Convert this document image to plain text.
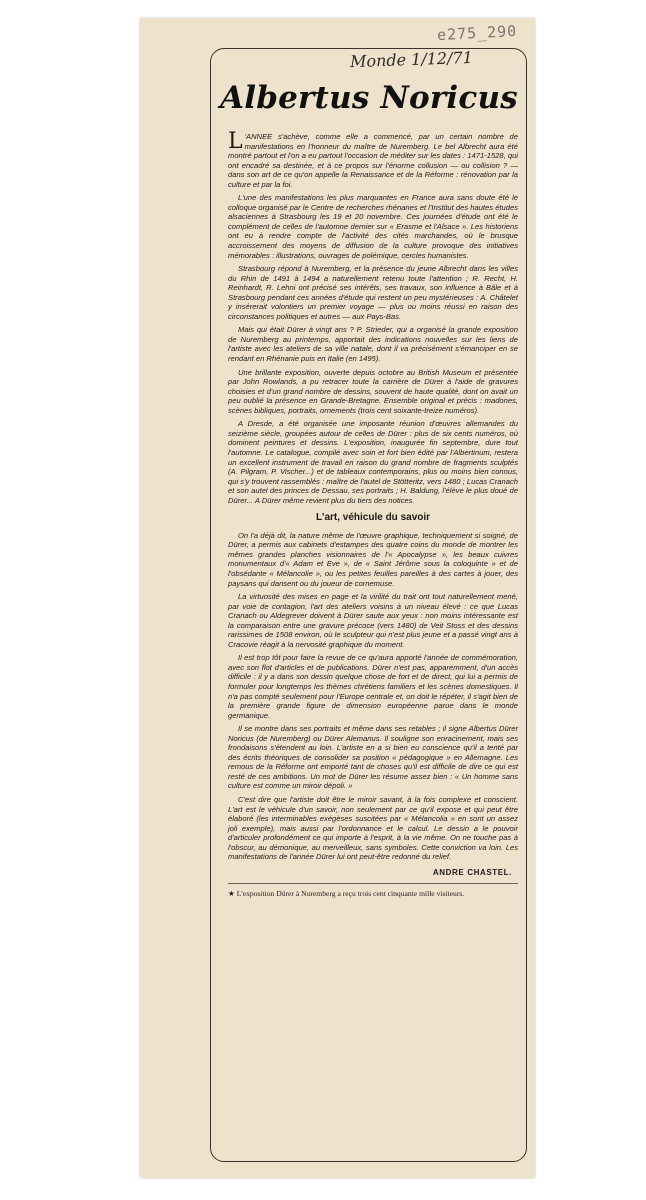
e275_290
Monde 1/12/71
Albertus Noricus

L 'ANNEE s'achève, comme elle a commencé, par un certain nombre de manifestations en l'honneur du maître de Nuremberg. Le bel Albrecht aura été montré partout et l'on a eu partout l'occasion de méditer sur les dates : 1471-1528, qui ont encadré sa destinée, et à ce propos sur l'énorme collusion — ou collision ? — dans son art de ce qu'on appelle la Renaissance et de la Réforme : rénovation par la culture et par la foi.

L'une des manifestations les plus marquantes en France aura sans doute été le colloque organisé par le Centre de recherches rhénanes et l'Institut des hautes études alsaciennes à Strasbourg les 19 et 20 novembre. Ces journées d'étude ont été le complément de celles de l'automne dernier sur « Erasme et l'Alsace ». Les historiens ont eu à rendre compte de l'activité des cités marchandes, où le brusque accroissement des moyens de diffusion de la culture provoque des initiatives mémorables : illustrations, ouvrages de polémique, cercles humanistes.

Strasbourg répond à Nuremberg, et la présence du jeune Albrecht dans les villes du Rhin de 1491 à 1494 a naturellement retenu toute l'attention ; R. Recht, H. Reinhardt, R. Lehni ont précisé ses intérêts, ses travaux, son influence à Bâle et à Strasbourg pendant ces années d'étude qui restent un peu mystérieuses : A. Châtelet y insérerait volontiers un premier voyage — plus ou moins réussi en raison des circonstances politiques et autres — aux Pays-Bas.

Mais qui était Dürer à vingt ans ? P. Strieder, qui a organisé la grande exposition de Nuremberg au printemps, apportait des indications nouvelles sur les liens de l'artiste avec les ateliers de sa ville natale, dont il va précisément s'émanciper en se rendant en Rhénanie puis en Italie (en 1495).

Une brillante exposition, ouverte depuis octobre au British Museum et présentée par John Rowlands, a pu retracer toute la carrière de Dürer à l'aide de gravures choisies et d'un grand nombre de dessins, souvent de haute qualité, dont on avait un peu oublié la présence en Grande-Bretagne. Ensemble original et précis : madones, scènes bibliques, portraits, ornements (trois cent soixante-treize numéros).

A Dresde, a été organisée une imposante réunion d'œuvres allemandes du seizième siècle, groupées autour de celles de Dürer : plus de six cents numéros, où dominent peintures et dessins. L'exposition, inaugurée fin septembre, dure tout l'automne. Le catalogue, compilé avec soin et fort bien édité par l'Albertinum, restera un excellent instrument de travail en raison du grand nombre de fragments sculptés (A. Pilgram, P. Vischer...) et de tableaux contemporains, plus ou moins bien connus, qui s'y trouvent rassemblés : maître de l'autel de Stötteritz, vers 1480 ; Lucas Cranach et son autel des princes de Dessau, ses portraits ; H. Baldung, l'élève le plus doué de Dürer... A Dürer même revient plus du tiers des notices.

L'art, véhicule du savoir

On l'a déjà dit, la nature même de l'œuvre graphique, techniquement si soigné, de Dürer, a permis aux cabinets d'estampes des quatre coins du monde de montrer les mêmes grandes planches visionnaires de l'« Apocalypse », les beaux cuivres monumentaux d'« Adam et Eve », de « Saint Jérôme sous la coloquinte » et de l'obsédante « Mélancolie », ou les petites feuilles pareilles à des cartes à jouer, des paysans qui dansent ou du joueur de cornemuse.

La virtuosité des mises en page et la virilité du trait ont tout naturellement mené, par voie de contagion, l'art des ateliers voisins à un niveau élevé : ce que Lucas Cranach ou Aldegrever doivent à Dürer saute aux yeux : non moins intéressante est la comparaison entre une gravure précoce (vers 1480) de Veit Stoss et des dessins rarissimes de 1508 environ, où le sculpteur qui n'est plus jeune et a passé vingt ans à Cracovie réagit à la nervosité graphique du moment.

Il est trop tôt pour faire la revue de ce qu'aura apporté l'année de commémoration, avec son flot d'articles et de publications. Dürer n'est pas, apparemment, d'un accès difficile : il y a dans son dessin quelque chose de fort et de direct, qui lui a permis de formuler pour longtemps les thèmes chrétiens familiers et les scènes domestiques. Il n'a pas compté seulement pour l'Europe centrale et, on doit le répéter, il s'agit bien de la première grande figure de dimension européenne parue dans le monde germanique.

Il se montre dans ses portraits et même dans ses retables ; il signe Albertus Dürer Noricus (de Nuremberg) ou Dürer Alemanus. Il souligne son enracinement, mais ses frondaisons s'étendent au loin. L'artiste en a si bien eu conscience qu'il a tenté par des écrits théoriques de consolider sa position « pédagogique » en Allemagne. Les remous de la Réforme ont emporté tant de choses qu'il est difficile de dire ce qui est resté de ces ambitions. Un mot de Dürer les résume assez bien : « Un homme sans culture est comme un miroir dépoli. »

C'est dire que l'artiste doit être le miroir savant, à la fois complexe et conscient. L'art est le véhicule d'un savoir, non seulement par ce qu'il expose et qui peut être élaboré (les interminables exégèses suscitées par « Mélancolia » en sont un assez joli exemple), mais aussi par l'ordonnance et le calcul. Le dessin a le pouvoir d'articuler profondément ce qui importe à l'esprit, à la vie même. On ne touche pas à l'obscur, au démonique, au merveilleux, sans symboles. Cette conviction va loin. Les manifestations de l'année Dürer lui ont peut-être redonné du relief.

ANDRE CHASTEL.
★ L'exposition Dürer à Nuremberg a reçu trois cent cinquante mille visiteurs.
